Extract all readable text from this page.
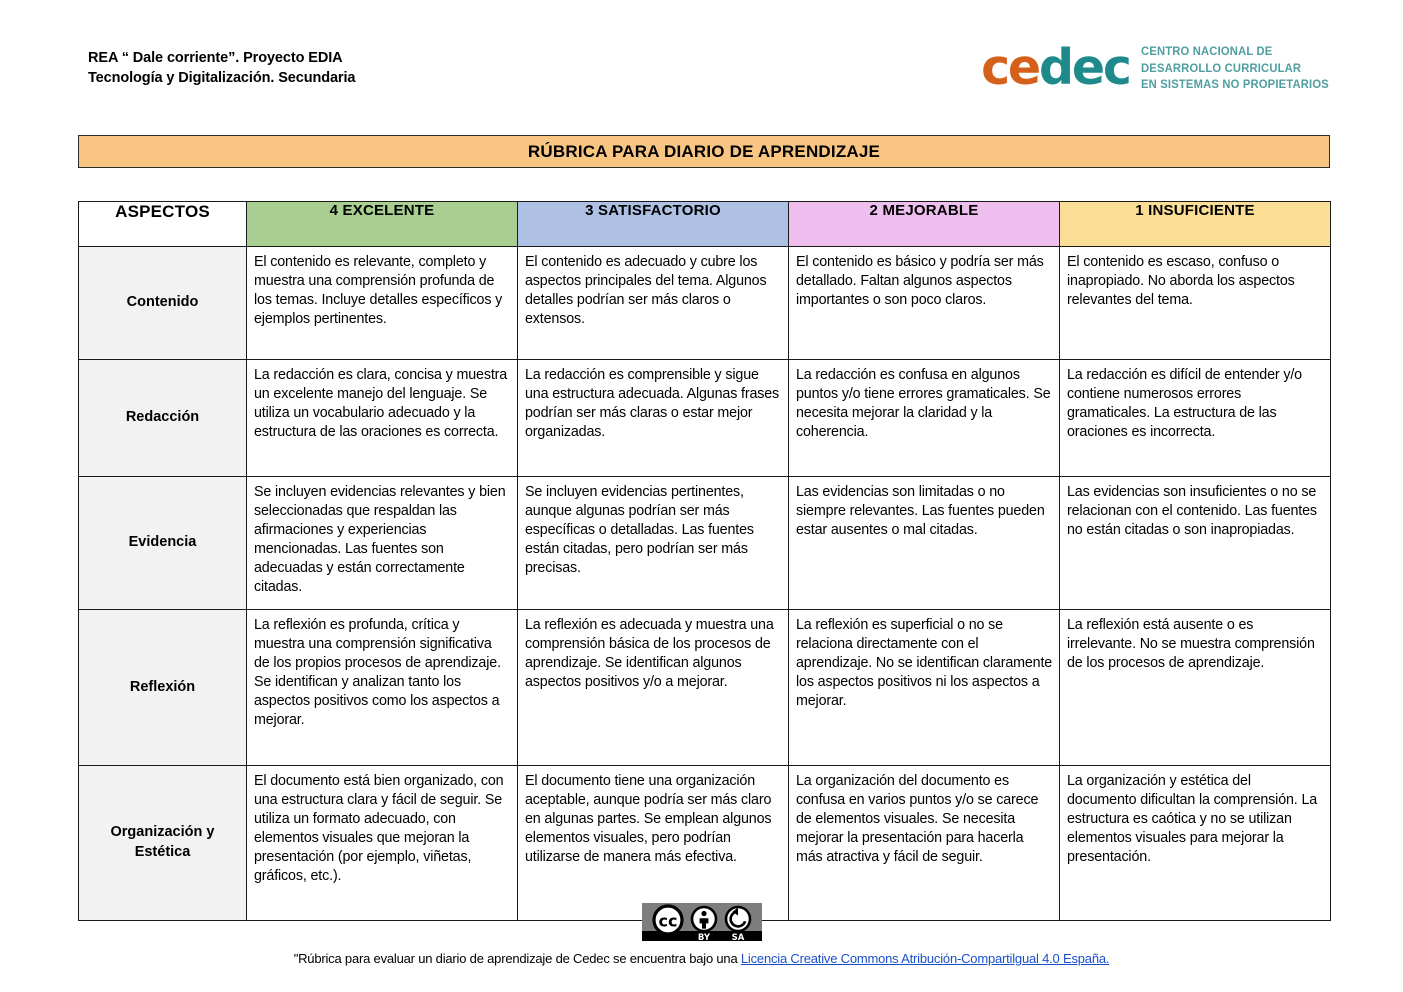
REA “ Dale corriente”. Proyecto EDIA
Tecnología y Digitalización. Secundaria	cedec CENTRO NACIONAL DE
DESARROLLO CURRICULAR
EN SISTEMAS NO PROPIETARIOS
RÚBRICA PARA DIARIO DE APRENDIZAJE
ASPECTOS	4 EXCELENTE	3 SATISFACTORIO	2 MEJORABLE	1 INSUFICIENTE
Contenido	El contenido es relevante, completo y muestra una comprensión profunda de los temas. Incluye detalles específicos y ejemplos pertinentes.	El contenido es adecuado y cubre los aspectos principales del tema. Algunos detalles podrían ser más claros o extensos.	El contenido es básico y podría ser más detallado. Faltan algunos aspectos importantes o son poco claros.	El contenido es escaso, confuso o inapropiado. No aborda los aspectos relevantes del tema.
Redacción	La redacción es clara, concisa y muestra un excelente manejo del lenguaje. Se utiliza un vocabulario adecuado y la estructura de las oraciones es correcta.	La redacción es comprensible y sigue una estructura adecuada. Algunas frases podrían ser más claras o estar mejor organizadas.	La redacción es confusa en algunos puntos y/o tiene errores gramaticales. Se necesita mejorar la claridad y la coherencia.	La redacción es difícil de entender y/o contiene numerosos errores gramaticales. La estructura de las oraciones es incorrecta.
Evidencia	Se incluyen evidencias relevantes y bien seleccionadas que respaldan las afirmaciones y experiencias mencionadas. Las fuentes son adecuadas y están correctamente citadas.	Se incluyen evidencias pertinentes, aunque algunas podrían ser más específicas o detalladas. Las fuentes están citadas, pero podrían ser más precisas.	Las evidencias son limitadas o no siempre relevantes. Las fuentes pueden estar ausentes o mal citadas.	Las evidencias son insuficientes o no se relacionan con el contenido. Las fuentes no están citadas o son inapropiadas.
Reflexión	La reflexión es profunda, crítica y muestra una comprensión significativa de los propios procesos de aprendizaje. Se identifican y analizan tanto los aspectos positivos como los aspectos a mejorar.	La reflexión es adecuada y muestra una comprensión básica de los procesos de aprendizaje. Se identifican algunos aspectos positivos y/o a mejorar.	La reflexión es superficial o no se relaciona directamente con el aprendizaje. No se identifican claramente los aspectos positivos ni los aspectos a mejorar.	La reflexión está ausente o es irrelevante. No se muestra comprensión de los procesos de aprendizaje.
Organización y Estética	El documento está bien organizado, con una estructura clara y fácil de seguir. Se utiliza un formato adecuado, con elementos visuales que mejoran la presentación (por ejemplo, viñetas, gráficos, etc.).	El documento tiene una organización aceptable, aunque podría ser más claro en algunas partes. Se emplean algunos elementos visuales, pero podrían utilizarse de manera más efectiva.	La organización del documento es confusa en varios puntos y/o se carece de elementos visuales. Se necesita mejorar la presentación para hacerla más atractiva y fácil de seguir.	La organización y estética del documento dificultan la comprensión. La estructura es caótica y no se utilizan elementos visuales para mejorar la presentación.
cc
BY	SA
"Rúbrica para evaluar un diario de aprendizaje de Cedec se encuentra bajo una Licencia Creative Commons Atribución-Compartilgual 4.0 España.
